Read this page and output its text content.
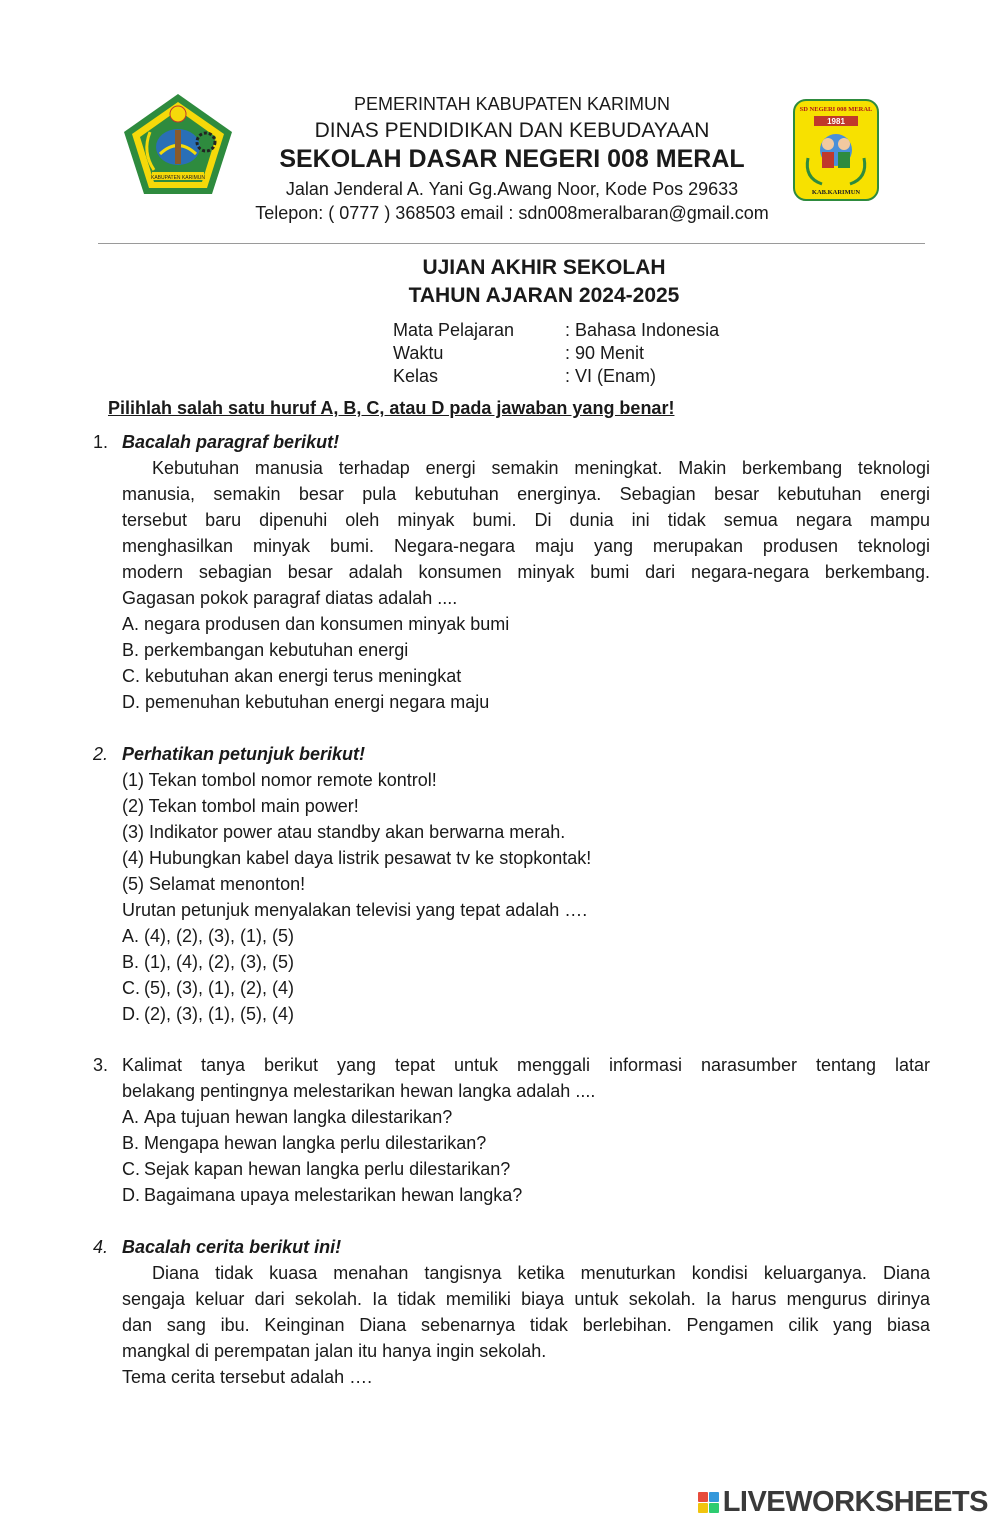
KABUPATEN KARIMUN
SD NEGERI 008 MERAL
1981
KAB.KARIMUN
PEMERINTAH KABUPATEN KARIMUN
DINAS PENDIDIKAN DAN KEBUDAYAAN
SEKOLAH DASAR NEGERI 008 MERAL
Jalan Jenderal A. Yani Gg.Awang Noor, Kode Pos 29633
Telepon: ( 0777 ) 368503 email : sdn008meralbaran@gmail.com
UJIAN AKHIR SEKOLAH
TAHUN AJARAN 2024-2025
Mata Pelajaran	: Bahasa Indonesia
Waktu	: 90 Menit
Kelas	: VI (Enam)
Pilihlah salah satu huruf A, B, C, atau D pada jawaban yang benar!
1. Bacalah paragraf berikut!
Kebutuhan manusia terhadap energi semakin meningkat. Makin berkembang teknologi
manusia, semakin besar pula kebutuhan energinya. Sebagian besar kebutuhan energi
tersebut baru dipenuhi oleh minyak bumi. Di dunia ini tidak semua negara mampu
menghasilkan minyak bumi. Negara-negara maju yang merupakan produsen teknologi
modern sebagian besar adalah konsumen minyak bumi dari negara-negara berkembang.
Gagasan pokok paragraf diatas adalah ....
A. negara produsen dan konsumen minyak bumi
B. perkembangan kebutuhan energi
C. kebutuhan akan energi terus meningkat
D. pemenuhan kebutuhan energi negara maju
2. Perhatikan petunjuk berikut!
(1) Tekan tombol nomor remote kontrol!
(2) Tekan tombol main power!
(3) Indikator power atau standby akan berwarna merah.
(4) Hubungkan kabel daya listrik pesawat tv ke stopkontak!
(5) Selamat menonton!
Urutan petunjuk menyalakan televisi yang tepat adalah ….
A. (4), (2), (3), (1), (5)
B. (1), (4), (2), (3), (5)
C. (5), (3), (1), (2), (4)
D. (2), (3), (1), (5), (4)
3. Kalimat tanya berikut yang tepat untuk menggali informasi narasumber tentang latar
belakang pentingnya melestarikan hewan langka adalah ....
A. Apa tujuan hewan langka dilestarikan?
B. Mengapa hewan langka perlu dilestarikan?
C. Sejak kapan hewan langka perlu dilestarikan?
D. Bagaimana upaya melestarikan hewan langka?
4. Bacalah cerita berikut ini!
Diana tidak kuasa menahan tangisnya ketika menuturkan kondisi keluarganya. Diana
sengaja keluar dari sekolah. Ia tidak memiliki biaya untuk sekolah. Ia harus mengurus dirinya
dan sang ibu. Keinginan Diana sebenarnya tidak berlebihan. Pengamen cilik yang biasa
mangkal di perempatan jalan itu hanya ingin sekolah.
Tema cerita tersebut adalah ….
LIVEWORKSHEETS
